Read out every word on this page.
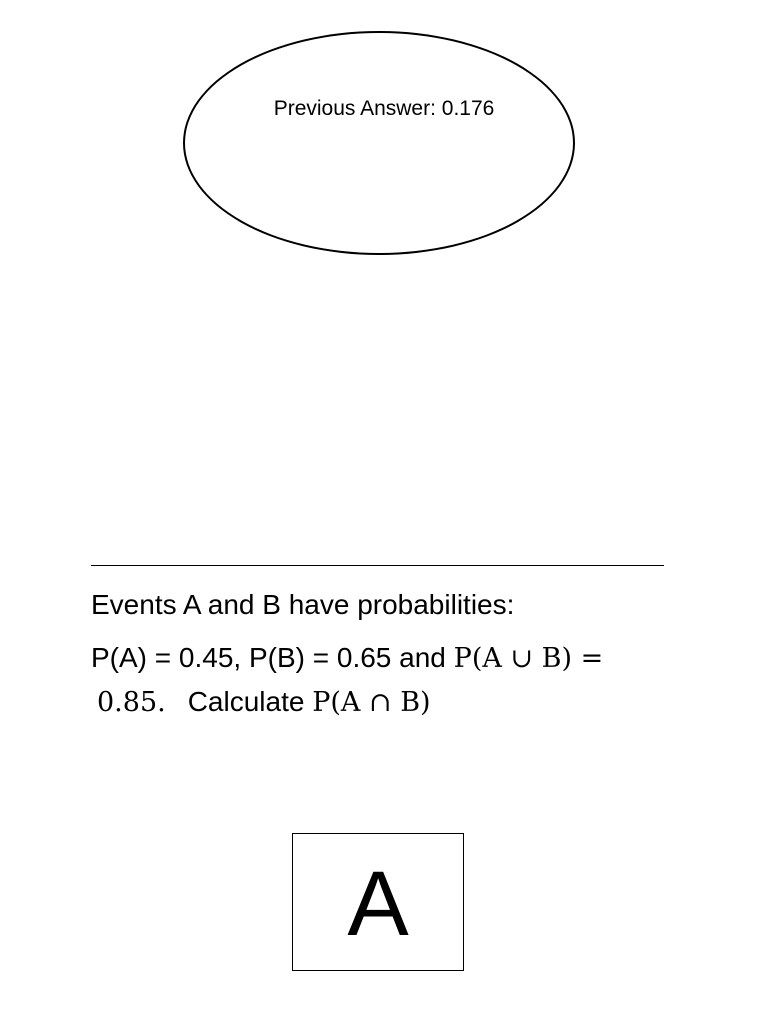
Previous Answer: 0.176
Events A and B have probabilities:
P(A) = 0.45, P(B) = 0.65 and P(A ∪ B) =
0.85. Calculate P(A ∩ B)
A
